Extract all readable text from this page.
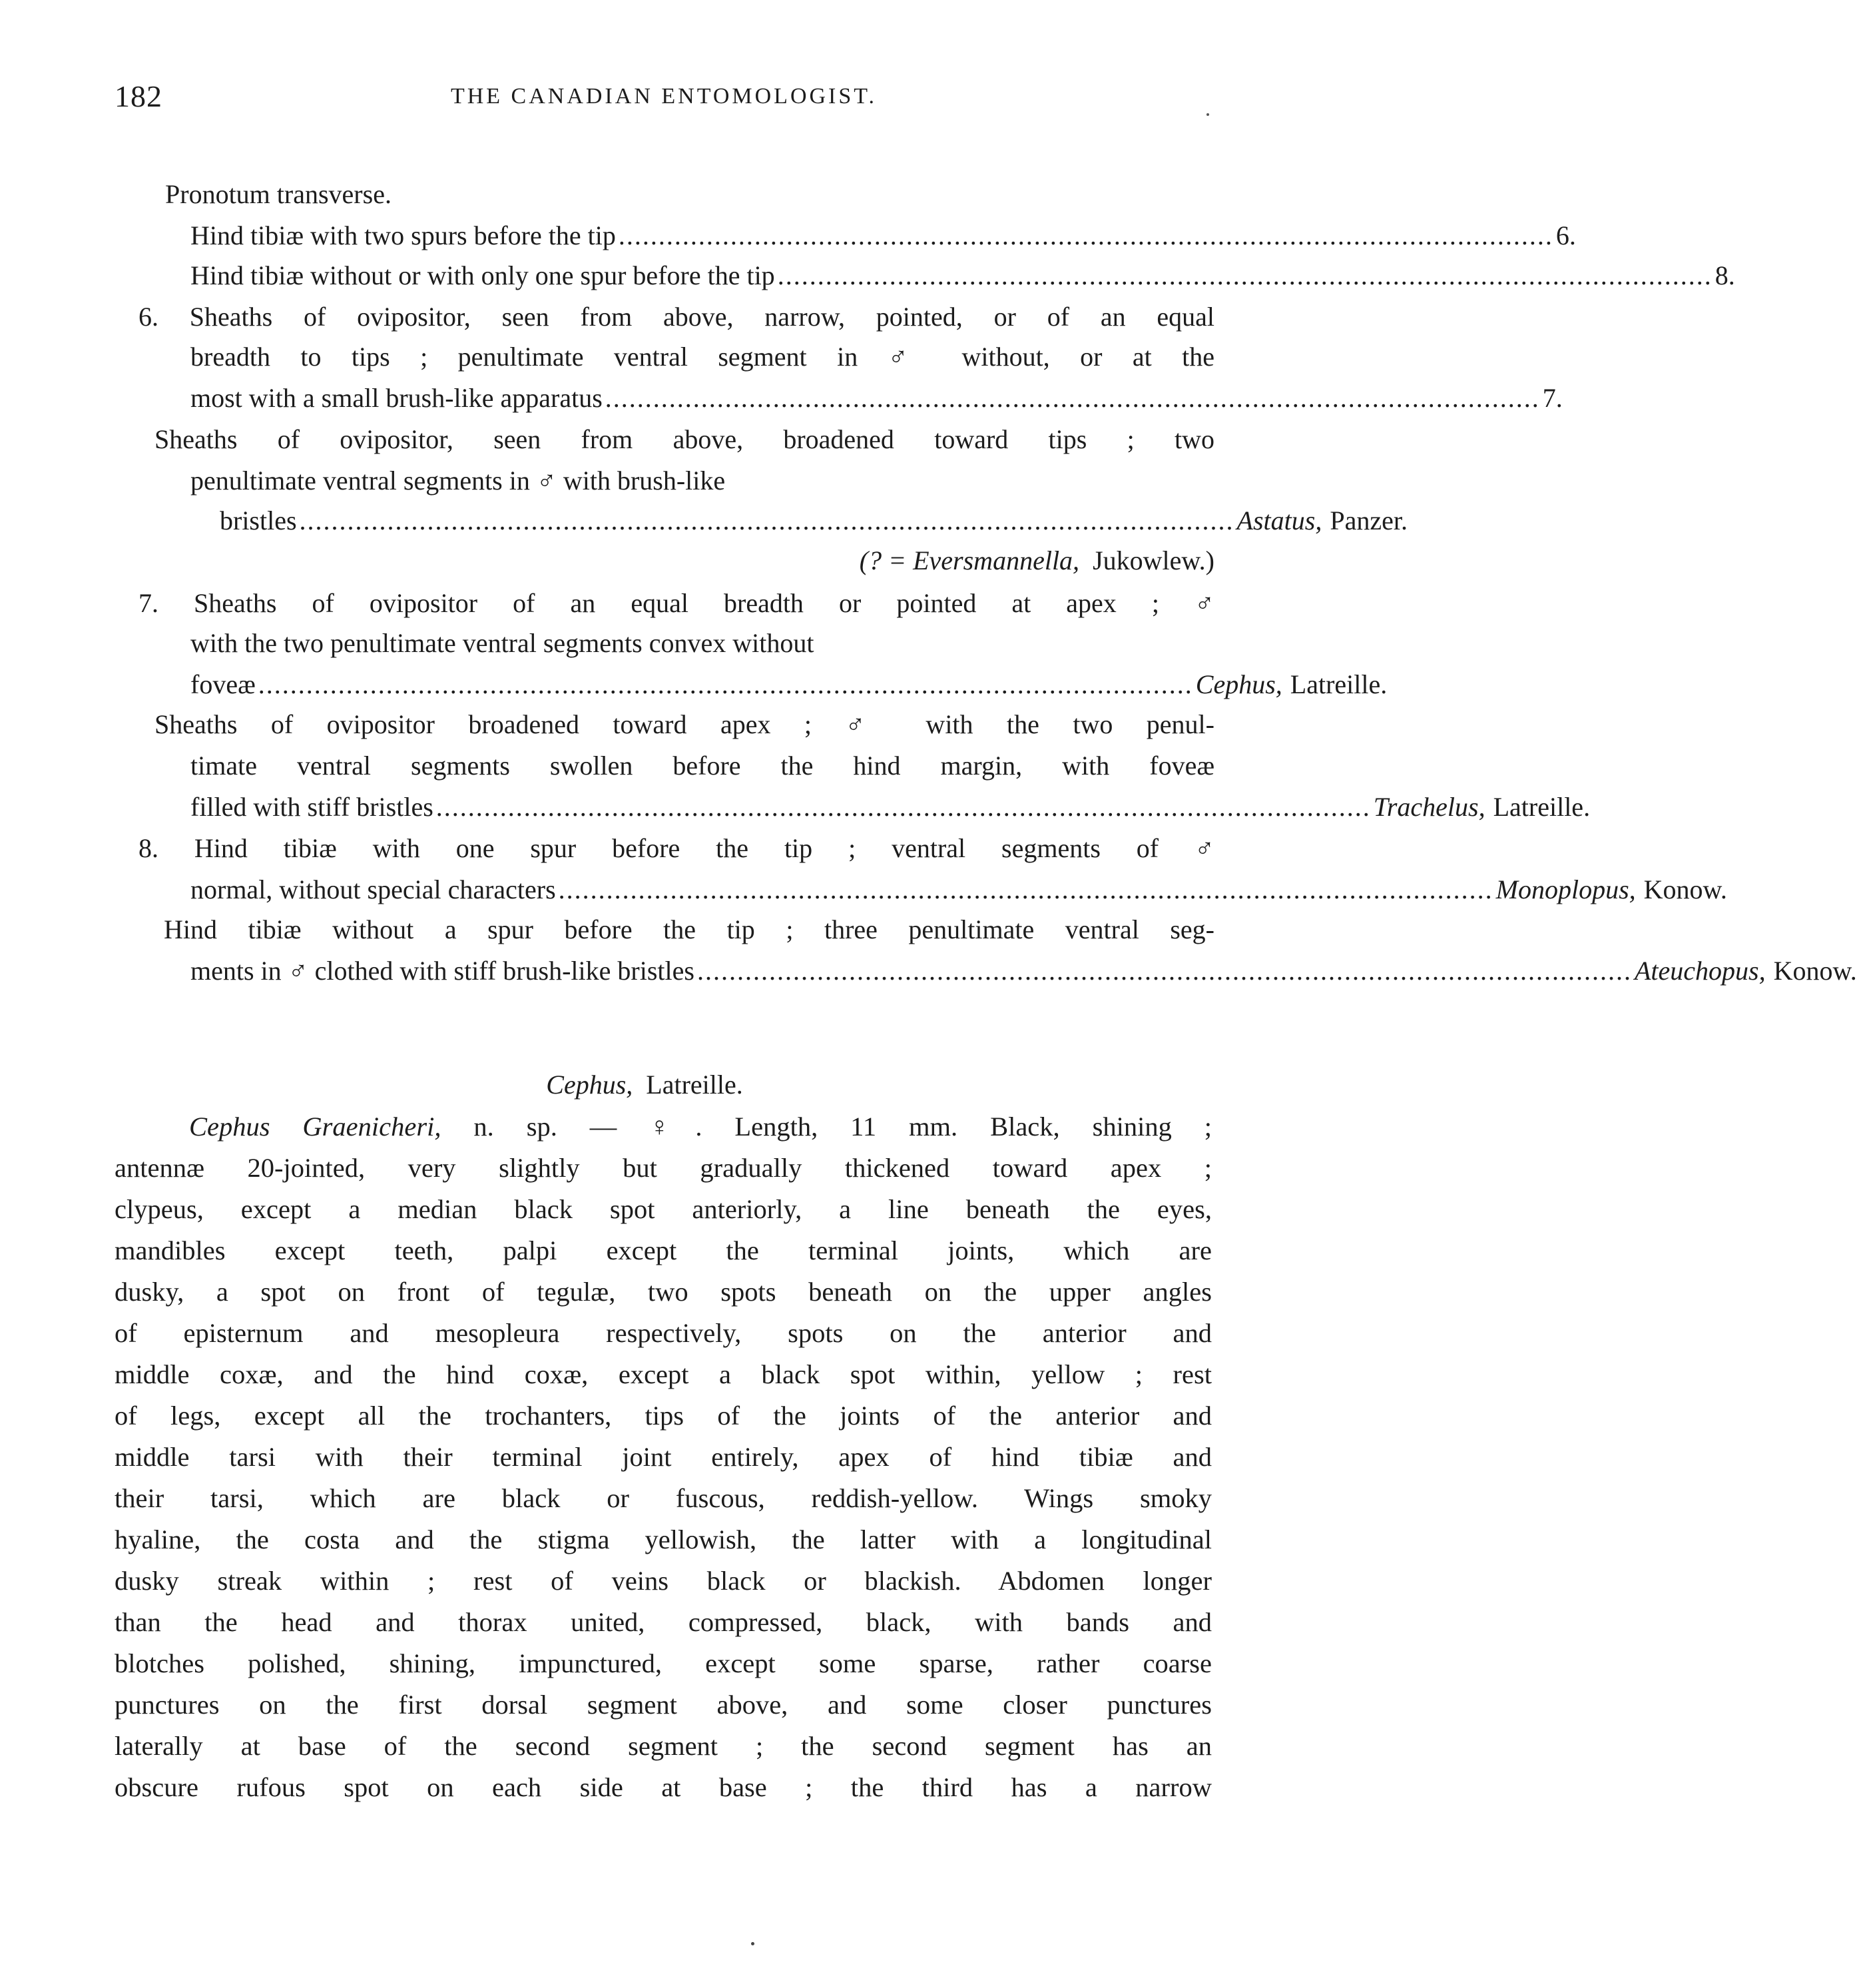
182	THE CANADIAN ENTOMOLOGIST.
Pronotum transverse.
Hind tibiæ with two spurs before the tip ..................................................................................................................... 6.
Hind tibiæ without or with only one spur before the tip ..................................................................................................................... 8.
6. Sheaths of ovipositor, seen from above, narrow, pointed, or of an equal
breadth to tips ; penultimate ventral segment in ♂ without, or at the
most with a small brush-like apparatus ..................................................................................................................... 7.
Sheaths of ovipositor, seen from above, broadened toward tips ; two
penultimate ventral segments in ♂ with brush-like
bristles ..................................................................................................................... Astatus, Panzer.
(? = Eversmannella, Jukowlew.)
7. Sheaths of ovipositor of an equal breadth or pointed at apex ; ♂
with the two penultimate ventral segments convex without
foveæ ..................................................................................................................... Cephus, Latreille.
Sheaths of ovipositor broadened toward apex ; ♂ with the two penul-
timate ventral segments swollen before the hind margin, with foveæ
filled with stiff bristles ..................................................................................................................... Trachelus, Latreille.
8. Hind tibiæ with one spur before the tip ; ventral segments of ♂
normal, without special characters ..................................................................................................................... Monoplopus, Konow.
Hind tibiæ without a spur before the tip ; three penultimate ventral seg-
ments in ♂ clothed with stiff brush-like bristles ..................................................................................................................... Ateuchopus, Konow.
Cephus, Latreille.
Cephus Graenicheri, n. sp. — ♀. Length, 11 mm. Black, shining ;
antennæ 20-jointed, very slightly but gradually thickened toward apex ;
clypeus, except a median black spot anteriorly, a line beneath the eyes,
mandibles except teeth, palpi except the terminal joints, which are
dusky, a spot on front of tegulæ, two spots beneath on the upper angles
of episternum and mesopleura respectively, spots on the anterior and
middle coxæ, and the hind coxæ, except a black spot within, yellow ; rest
of legs, except all the trochanters, tips of the joints of the anterior and
middle tarsi with their terminal joint entirely, apex of hind tibiæ and
their tarsi, which are black or fuscous, reddish-yellow. Wings smoky
hyaline, the costa and the stigma yellowish, the latter with a longitudinal
dusky streak within ; rest of veins black or blackish. Abdomen longer
than the head and thorax united, compressed, black, with bands and
blotches polished, shining, impunctured, except some sparse, rather coarse
punctures on the first dorsal segment above, and some closer punctures
laterally at base of the second segment ; the second segment has an
obscure rufous spot on each side at base ; the third has a narrow
